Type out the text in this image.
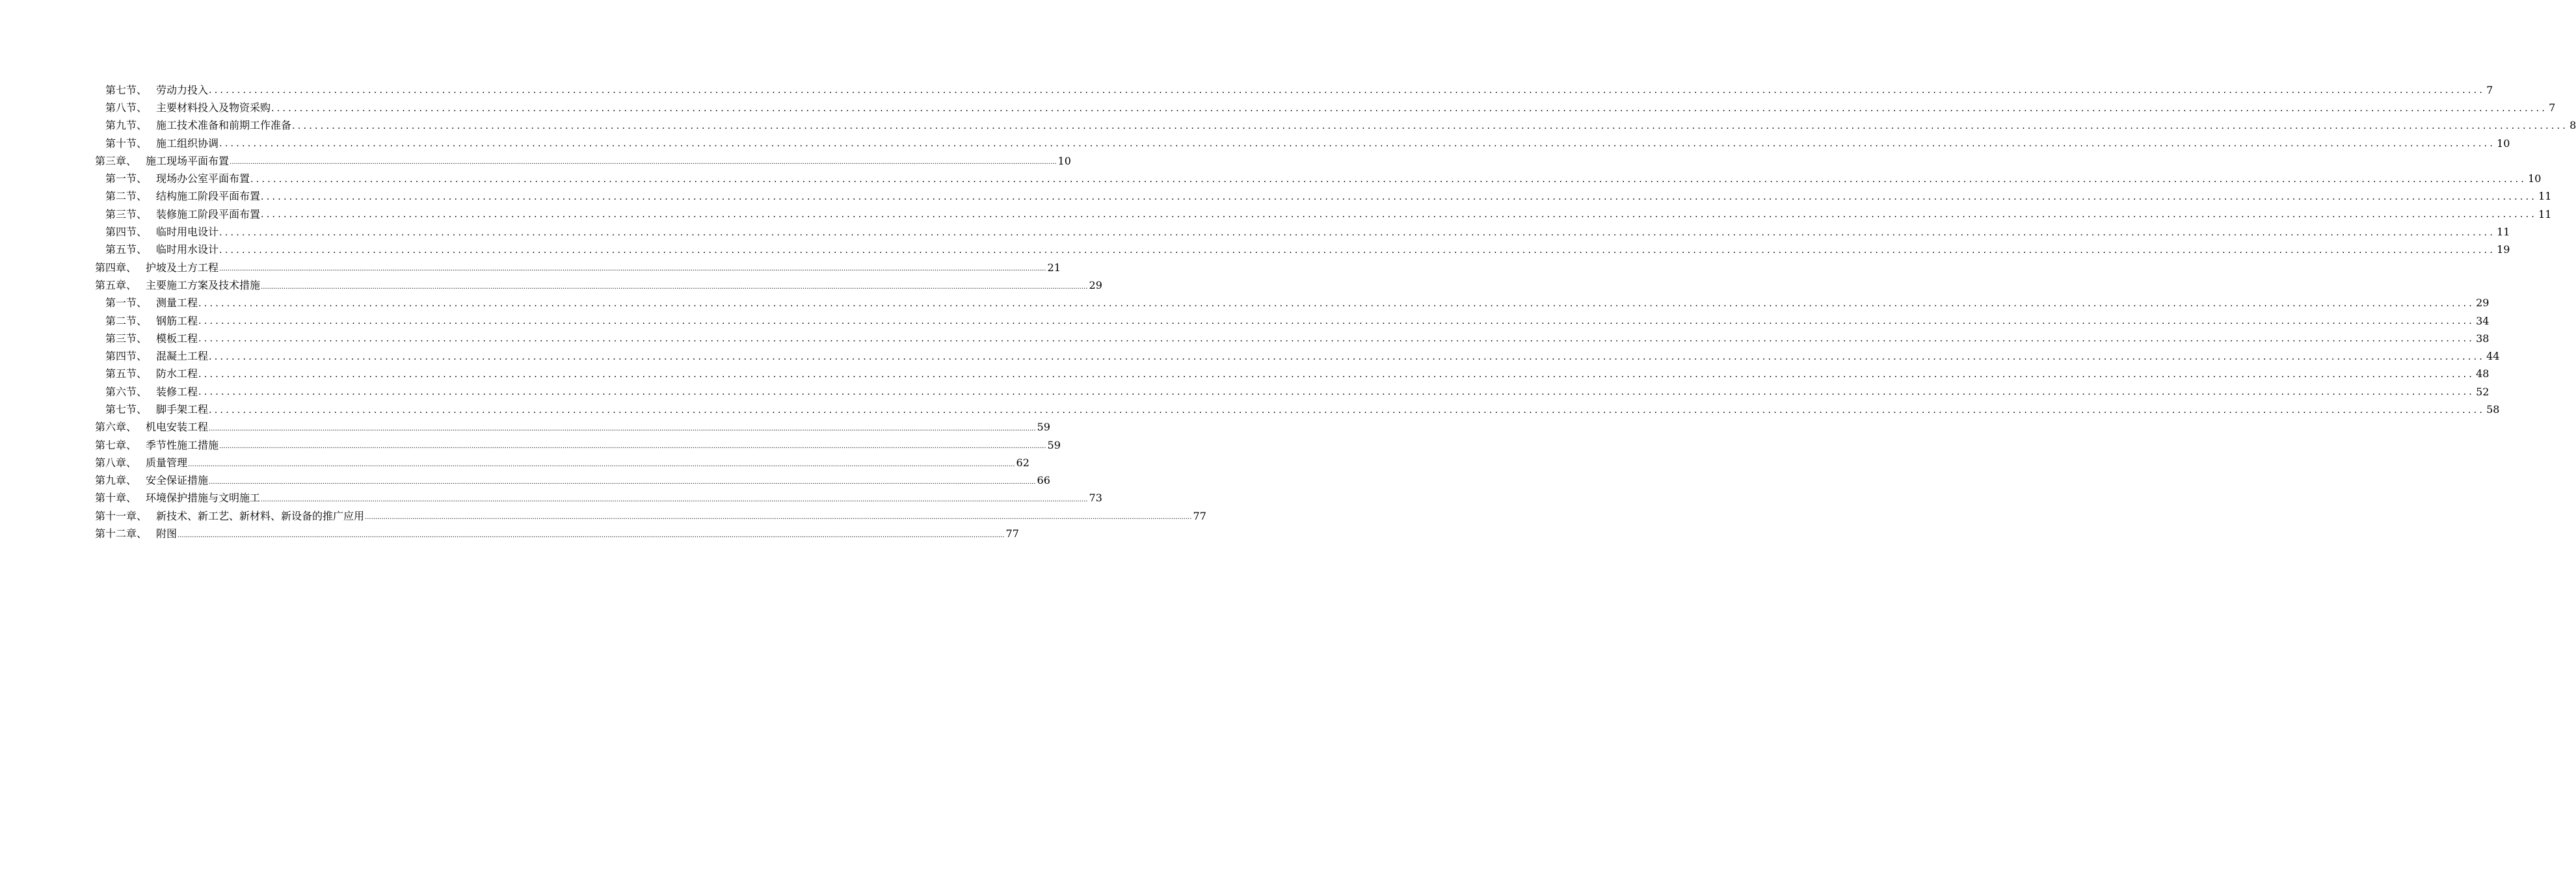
第七节、 劳动力投入 ................................................................................................................................................................................................................................................................................................................................................................................................................ 7
第八节、 主要材料投入及物资采购 ................................................................................................................................................................................................................................................................................................................................................................................................................ 7
第九节、 施工技术准备和前期工作准备 ................................................................................................................................................................................................................................................................................................................................................................................................................ 8
第十节、 施工组织协调 ................................................................................................................................................................................................................................................................................................................................................................................................................ 10
第三章、 施工现场平面布置 ................................................................................................................................................................................................................................................................................................................................................................................................................ 10
第一节、 现场办公室平面布置 ................................................................................................................................................................................................................................................................................................................................................................................................................ 10
第二节、 结构施工阶段平面布置 ................................................................................................................................................................................................................................................................................................................................................................................................................ 11
第三节、 装修施工阶段平面布置 ................................................................................................................................................................................................................................................................................................................................................................................................................ 11
第四节、 临时用电设计 ................................................................................................................................................................................................................................................................................................................................................................................................................ 11
第五节、 临时用水设计 ................................................................................................................................................................................................................................................................................................................................................................................................................ 19
第四章、 护坡及土方工程 ................................................................................................................................................................................................................................................................................................................................................................................................................ 21
第五章、 主要施工方案及技术措施 ................................................................................................................................................................................................................................................................................................................................................................................................................ 29
第一节、 测量工程 ................................................................................................................................................................................................................................................................................................................................................................................................................ 29
第二节、 钢筋工程 ................................................................................................................................................................................................................................................................................................................................................................................................................ 34
第三节、 模板工程 ................................................................................................................................................................................................................................................................................................................................................................................................................ 38
第四节、 混凝土工程 ................................................................................................................................................................................................................................................................................................................................................................................................................ 44
第五节、 防水工程 ................................................................................................................................................................................................................................................................................................................................................................................................................ 48
第六节、 装修工程 ................................................................................................................................................................................................................................................................................................................................................................................................................ 52
第七节、 脚手架工程 ................................................................................................................................................................................................................................................................................................................................................................................................................ 58
第六章、 机电安装工程 ................................................................................................................................................................................................................................................................................................................................................................................................................ 59
第七章、 季节性施工措施 ................................................................................................................................................................................................................................................................................................................................................................................................................ 59
第八章、 质量管理 ................................................................................................................................................................................................................................................................................................................................................................................................................ 62
第九章、 安全保证措施 ................................................................................................................................................................................................................................................................................................................................................................................................................ 66
第十章、 环境保护措施与文明施工 ................................................................................................................................................................................................................................................................................................................................................................................................................ 73
第十一章、 新技术、新工艺、新材料、新设备的推广应用 ................................................................................................................................................................................................................................................................................................................................................................................................................ 77
第十二章、 附图 ................................................................................................................................................................................................................................................................................................................................................................................................................ 77
